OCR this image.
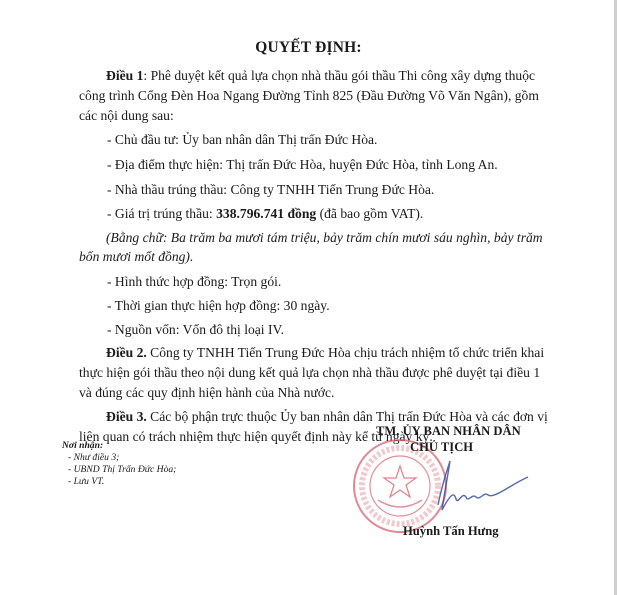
QUYẾT ĐỊNH:
Điều 1: Phê duyệt kết quả lựa chọn nhà thầu gói thầu Thi công xây dựng thuộc
công trình Cổng Đèn Hoa Ngang Đường Tỉnh 825 (Đầu Đường Võ Văn Ngân), gồm
các nội dung sau:
- Chủ đầu tư: Ủy ban nhân dân Thị trấn Đức Hòa.
- Địa điểm thực hiện: Thị trấn Đức Hòa, huyện Đức Hòa, tỉnh Long An.
- Nhà thầu trúng thầu: Công ty TNHH Tiến Trung Đức Hòa.
- Giá trị trúng thầu: 338.796.741 đồng (đã bao gồm VAT).
(Bằng chữ: Ba trăm ba mươi tám triệu, bảy trăm chín mươi sáu nghìn, bảy trăm
bốn mươi mốt đồng).
- Hình thức hợp đồng: Trọn gói.
- Thời gian thực hiện hợp đồng: 30 ngày.
- Nguồn vốn: Vốn đô thị loại IV.
Điều 2. Công ty TNHH Tiến Trung Đức Hòa chịu trách nhiệm tổ chức triển khai
thực hiện gói thầu theo nội dung kết quả lựa chọn nhà thầu được phê duyệt tại điều 1
và đúng các quy định hiện hành của Nhà nước.
Điều 3. Các bộ phận trực thuộc Ủy ban nhân dân Thị trấn Đức Hòa và các đơn vị
liên quan có trách nhiệm thực hiện quyết định này kể từ ngày ký.
Nơi nhận:
- Như điều 3;
- UBND Thị Trấn Đức Hòa;
- Lưu VT.
TM. ỦY BAN NHÂN DÂN
CHỦ TỊCH
Huỳnh Tấn Hưng
